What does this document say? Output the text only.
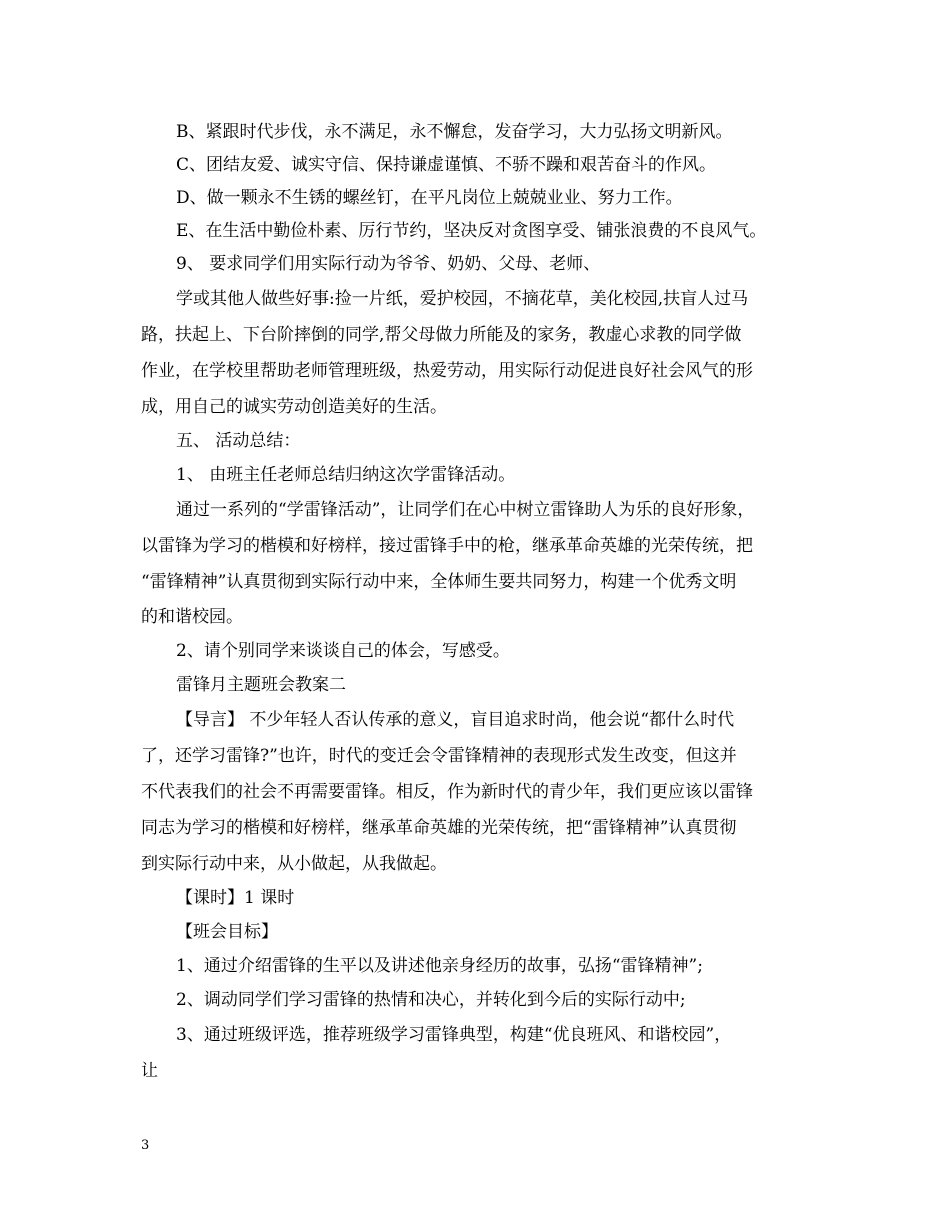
B、紧跟时代步伐，永不满足，永不懈怠，发奋学习，大力弘扬文明新风。
C、团结友爱、诚实守信、保持谦虚谨慎、不骄不躁和艰苦奋斗的作风。
D、做一颗永不生锈的螺丝钉，在平凡岗位上兢兢业业、努力工作。
E、在生活中勤俭朴素、厉行节约，坚决反对贪图享受、铺张浪费的不良风气。
9、 要求同学们用实际行动为爷爷、奶奶、父母、老师、
学或其他人做些好事:捡一片纸，爱护校园，不摘花草，美化校园,扶盲人过马
路，扶起上、下台阶摔倒的同学,帮父母做力所能及的家务，教虚心求教的同学做
作业，在学校里帮助老师管理班级，热爱劳动，用实际行动促进良好社会风气的形
成，用自己的诚实劳动创造美好的生活。
五、 活动总结：
1、 由班主任老师总结归纳这次学雷锋活动。
通过一系列的“学雷锋活动”，让同学们在心中树立雷锋助人为乐的良好形象，
以雷锋为学习的楷模和好榜样，接过雷锋手中的枪，继承革命英雄的光荣传统，把
“雷锋精神”认真贯彻到实际行动中来，全体师生要共同努力，构建一个优秀文明
的和谐校园。
2、请个别同学来谈谈自己的体会，写感受。
雷锋月主题班会教案二
【导言】 不少年轻人否认传承的意义，盲目追求时尚，他会说“都什么时代
了，还学习雷锋?”也许，时代的变迁会令雷锋精神的表现形式发生改变，但这并
不代表我们的社会不再需要雷锋。相反，作为新时代的青少年，我们更应该以雷锋
同志为学习的楷模和好榜样，继承革命英雄的光荣传统，把“雷锋精神”认真贯彻
到实际行动中来，从小做起，从我做起。
【课时】1 课时
【班会目标】
1、通过介绍雷锋的生平以及讲述他亲身经历的故事，弘扬“雷锋精神”;
2、调动同学们学习雷锋的热情和决心，并转化到今后的实际行动中;
3、通过班级评选，推荐班级学习雷锋典型，构建“优良班风、和谐校园”，
让
3
